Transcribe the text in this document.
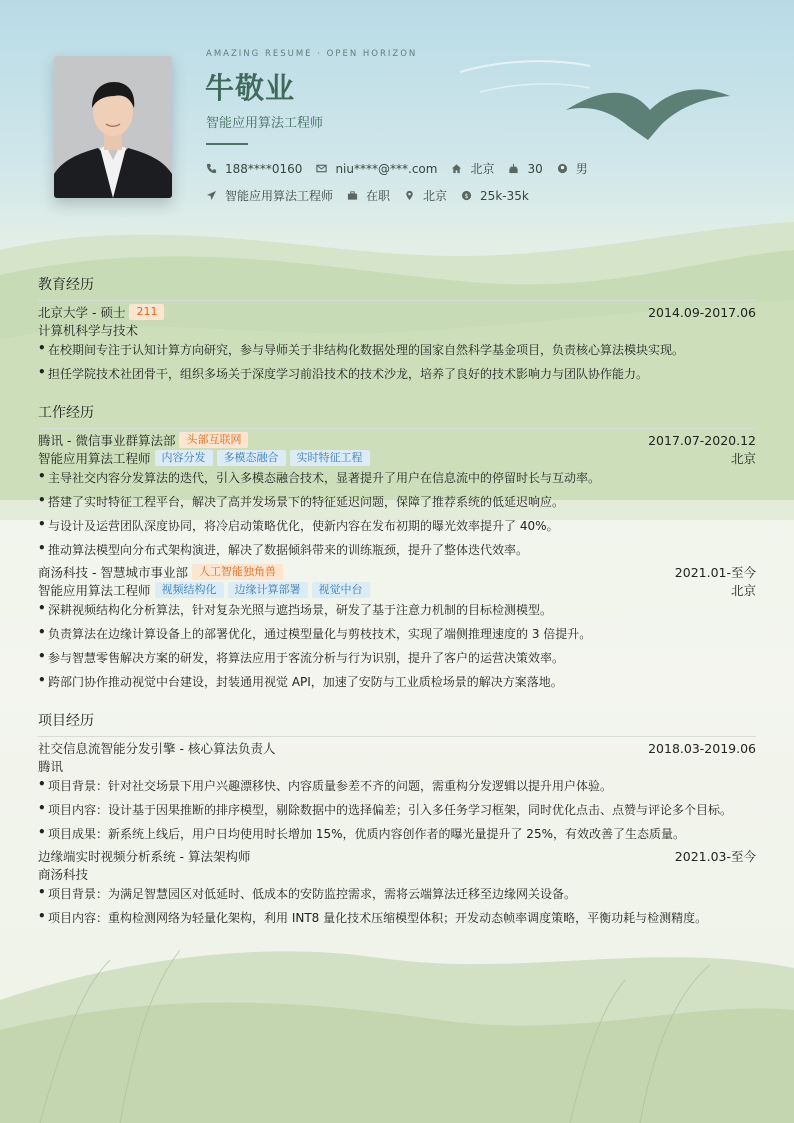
AMAZING RESUME · OPEN HORIZON
牛敬业
智能应用算法工程师
188****0160	niu****@***.com	北京	30	男
智能应用算法工程师	在职	北京 $ 25k-35k
教育经历
北京大学 - 硕士	211	2014.09-2017.06
计算机科学与技术
• 在校期间专注于认知计算方向研究，参与导师关于非结构化数据处理的国家自然科学基金项目，负责核心算法模块实现。
• 担任学院技术社团骨干，组织多场关于深度学习前沿技术的技术沙龙，培养了良好的技术影响力与团队协作能力。
工作经历
腾讯 - 微信事业群算法部	头部互联网	2017.07-2020.12
智能应用算法工程师	内容分发	多模态融合	实时特征工程	北京
• 主导社交内容分发算法的迭代，引入多模态融合技术，显著提升了用户在信息流中的停留时长与互动率。
• 搭建了实时特征工程平台，解决了高并发场景下的特征延迟问题，保障了推荐系统的低延迟响应。
• 与设计及运营团队深度协同，将冷启动策略优化，使新内容在发布初期的曝光效率提升了 40%。
• 推动算法模型向分布式架构演进，解决了数据倾斜带来的训练瓶颈，提升了整体迭代效率。
商汤科技 - 智慧城市事业部	人工智能独角兽	2021.01-至今
智能应用算法工程师	视频结构化	边缘计算部署	视觉中台	北京
• 深耕视频结构化分析算法，针对复杂光照与遮挡场景，研发了基于注意力机制的目标检测模型。
• 负责算法在边缘计算设备上的部署优化，通过模型量化与剪枝技术，实现了端侧推理速度的 3 倍提升。
• 参与智慧零售解决方案的研发，将算法应用于客流分析与行为识别，提升了客户的运营决策效率。
• 跨部门协作推动视觉中台建设，封装通用视觉 API，加速了安防与工业质检场景的解决方案落地。
项目经历
社交信息流智能分发引擎 - 核心算法负责人	2018.03-2019.06
腾讯
• 项目背景：针对社交场景下用户兴趣漂移快、内容质量参差不齐的问题，需重构分发逻辑以提升用户体验。
• 项目内容：设计基于因果推断的排序模型，剔除数据中的选择偏差；引入多任务学习框架，同时优化点击、点赞与评论多个目标。
• 项目成果：新系统上线后，用户日均使用时长增加 15%，优质内容创作者的曝光量提升了 25%，有效改善了生态质量。
边缘端实时视频分析系统 - 算法架构师	2021.03-至今
商汤科技
• 项目背景：为满足智慧园区对低延时、低成本的安防监控需求，需将云端算法迁移至边缘网关设备。
• 项目内容：重构检测网络为轻量化架构，利用 INT8 量化技术压缩模型体积；开发动态帧率调度策略，平衡功耗与检测精度。
